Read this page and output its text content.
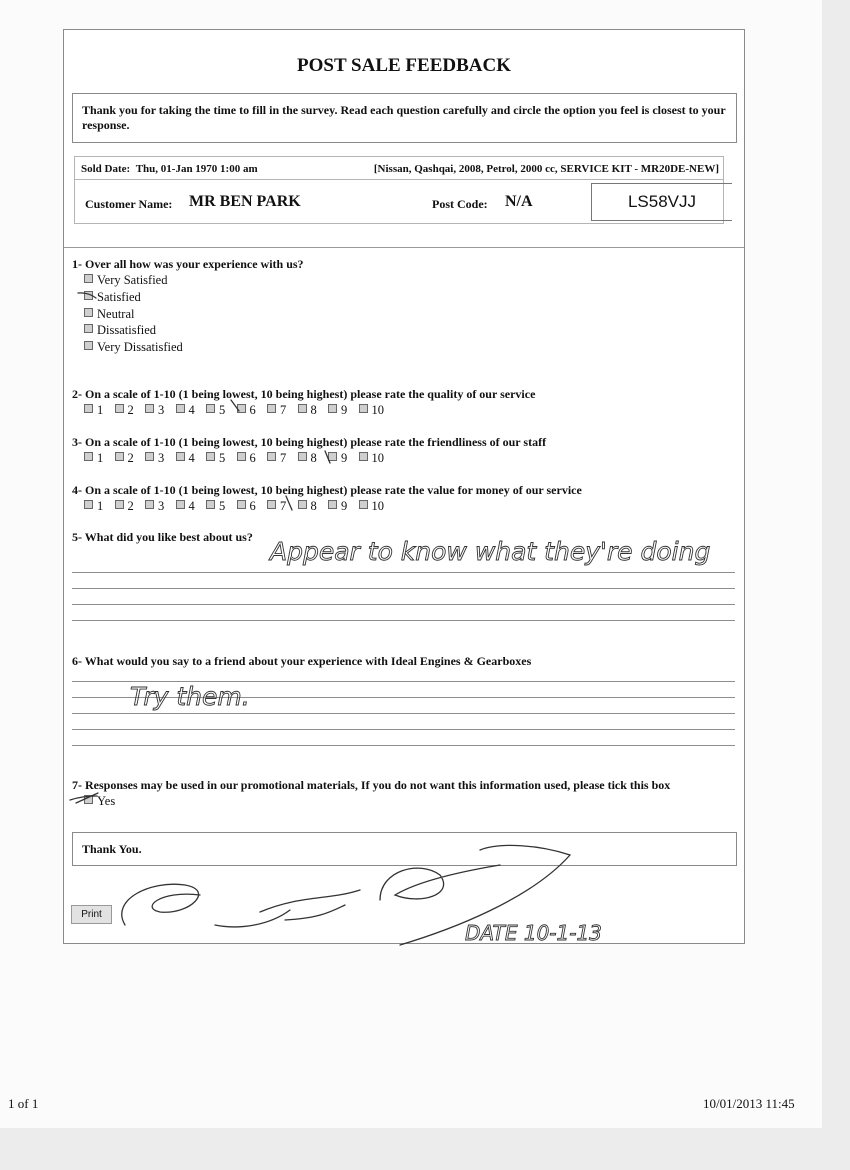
POST SALE FEEDBACK

Thank you for taking the time to fill in the survey. Read each question carefully and circle the option you feel is closest to your response.

Sold Date: Thu, 01-Jan 1970 1:00 am	[Nissan, Qashqai, 2008, Petrol, 2000 cc, SERVICE KIT - MR20DE-NEW]
Customer Name: MR BEN PARK	Post Code: N/A	LS58VJJ
1- Over all how was your experience with us?
Very Satisfied
Satisfied
Neutral
Dissatisfied
Very Dissatisfied
2- On a scale of 1-10 (1 being lowest, 10 being highest) please rate the quality of our service
1 2 3 4 5 6 7 8 9 10
3- On a scale of 1-10 (1 being lowest, 10 being highest) please rate the friendliness of our staff
1 2 3 4 5 6 7 8 9 10
4- On a scale of 1-10 (1 being lowest, 10 being highest) please rate the value for money of our service
1 2 3 4 5 6 7 8 9 10
5- What did you like best about us?
6- What would you say to a friend about your experience with Ideal Engines & Gearboxes
7- Responses may be used in our promotional materials, If you do not want this information used, please tick this box
Yes
Thank You.
Print
1 of 1	10/01/2013 11:45
Appear to know what they're doing
Try them.
DATE 10-1-13
